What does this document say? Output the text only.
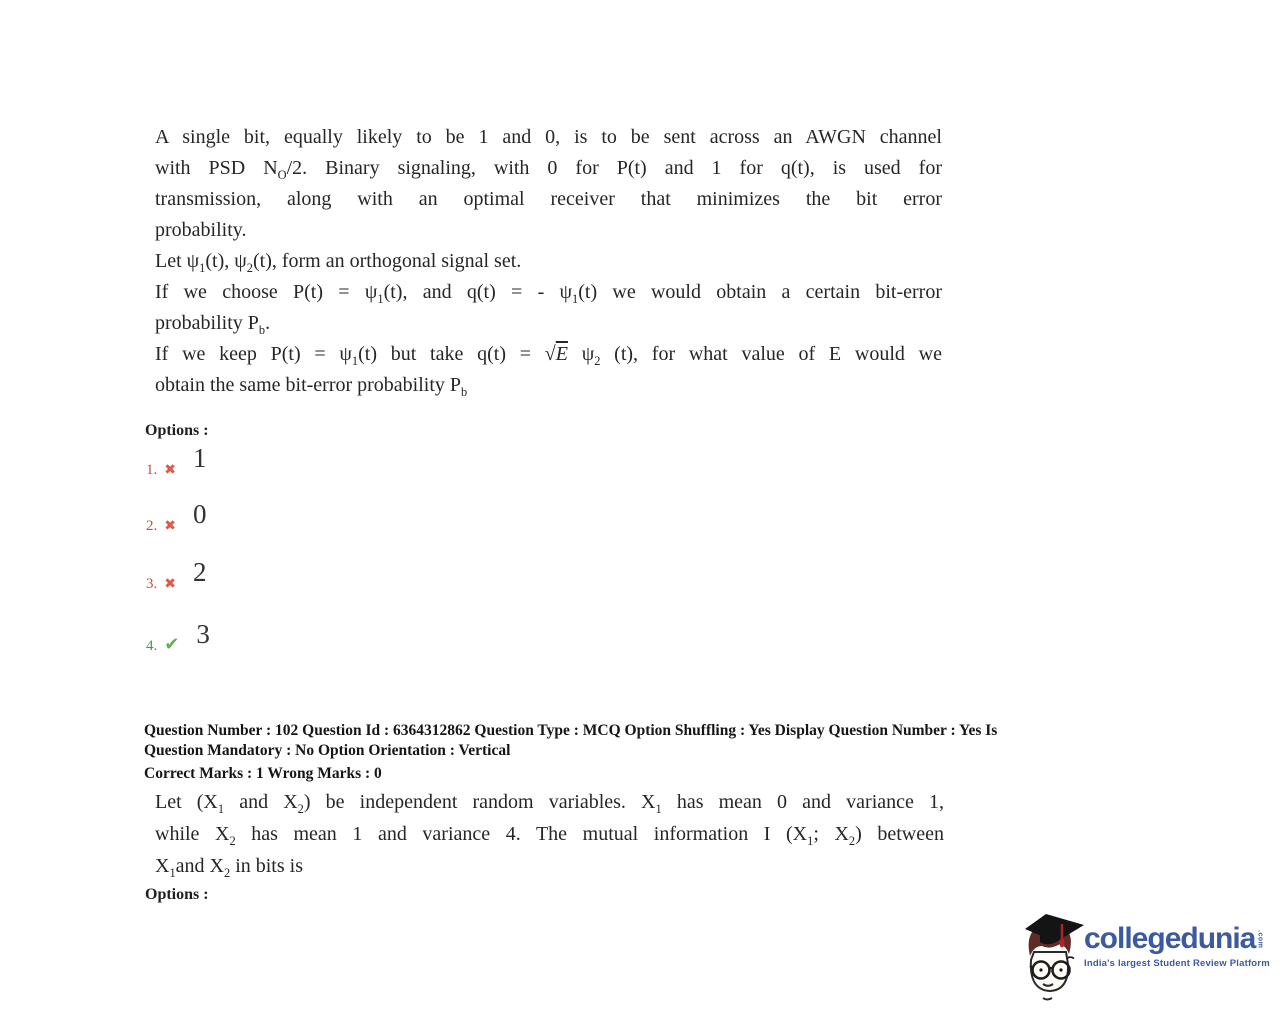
A single bit, equally likely to be 1 and 0, is to be sent across an AWGN channel
with PSD $N_O/2$. Binary signaling, with 0 for P(t) and 1 for q(t), is used for
transmission, along with an optimal receiver that minimizes the bit error
probability.
Let $\psi_1(t)$, $\psi_2(t)$, form an orthogonal signal set.
If we choose $P(t) = \psi_1(t)$, and q(t) = - $\psi_1(t)$ we would obtain a certain bit-error
probability $P_b$.
If we keep $P(t) = \psi_1(t)$ but take q(t) = √E $\psi_2$ (t), for what value of E would we
obtain the same bit-error probability $P_b$
Options :
1. ✖ 1
2. ✖ 0
3. ✖ 2
4. ✔ 3
Question Number : 102 Question Id : 6364312862 Question Type : MCQ Option Shuffling : Yes Display Question Number : Yes Is
Question Mandatory : No Option Orientation : Vertical
Correct Marks : 1 Wrong Marks : 0
Let ($X_1$ and $X_2$) be independent random variables. $X_1$ has mean 0 and variance 1,
while $X_2$ has mean 1 and variance 4. The mutual information I ($X_1$; $X_2$) between
$X_1and$ $X_2$ in bits is
Options :
collegedunia .com
India's largest Student Review Platform
